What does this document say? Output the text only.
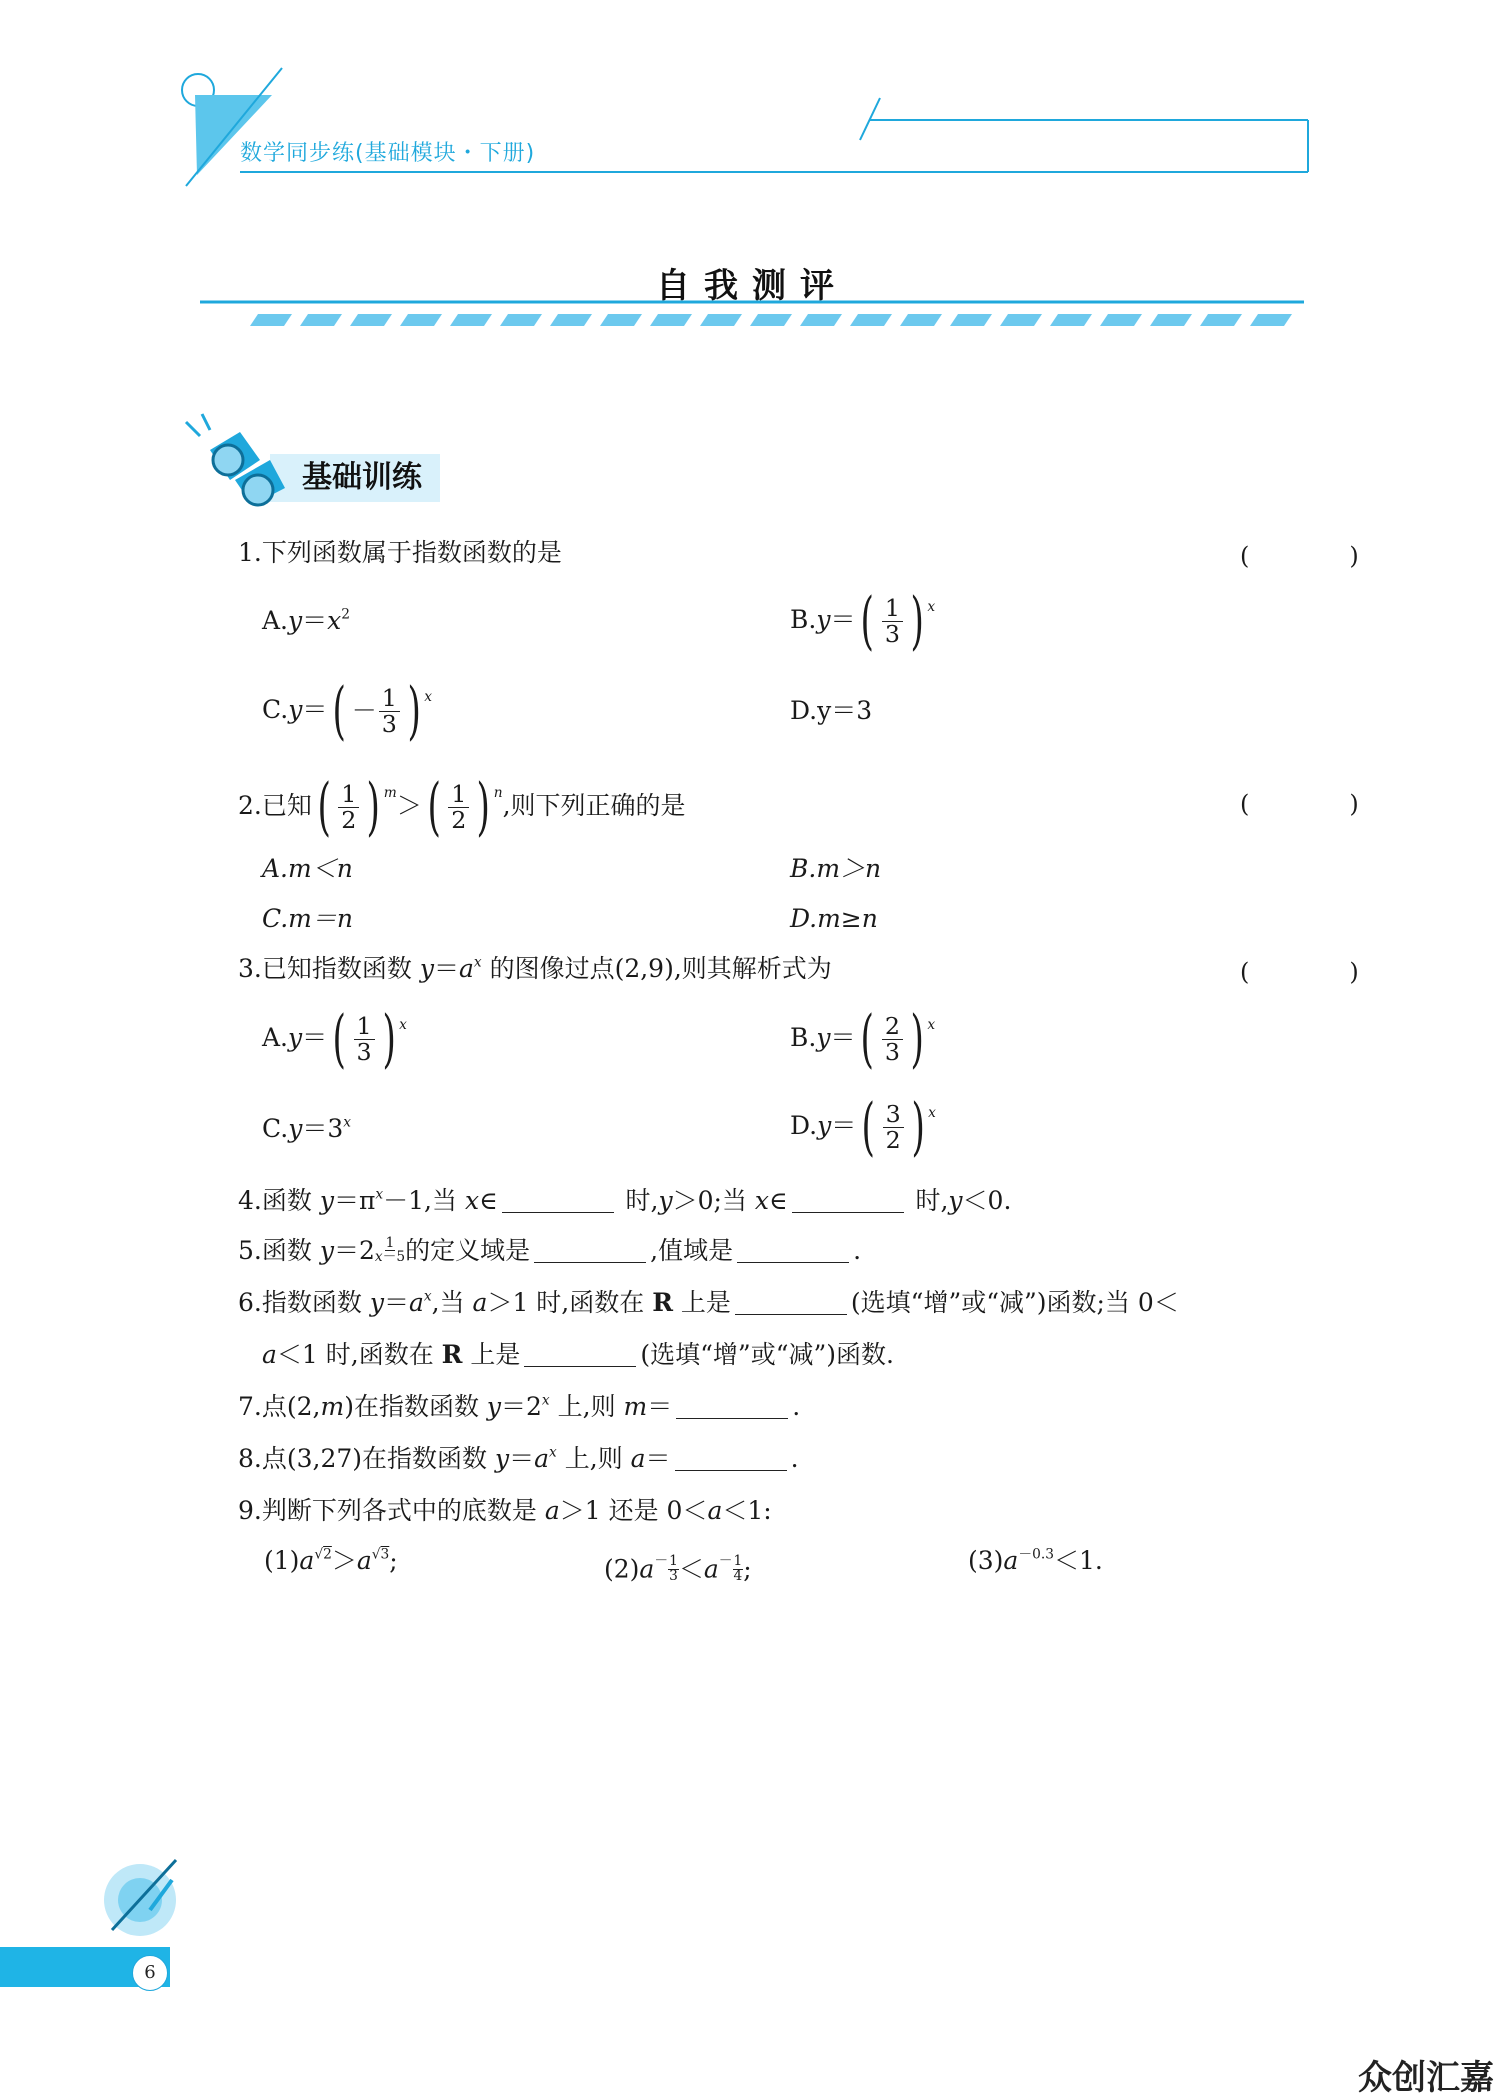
数学同步练(基础模块・下册)
自我测评
基础训练
1.下列函数属于指数函数的是	(　)
$A.y=x^2$	B.y＝ ( $\frac{1}{3}$ ) x
C.y＝ ( － $\frac{1}{3}$ ) x	D.y＝3
2.已知 ( $\frac{1}{2}$ ) m ＞ ( $\frac{1}{2}$ ) n ,则下列正确的是	(　)
A.m＜n	B.m＞n
C.m＝n	D.m≥n
3.已知指数函数 $y=a^x$ 的图像过点(2,9),则其解析式为	(　)
A.y＝ ( $\frac{1}{3}$ ) x	B.y＝ ( $\frac{2}{3}$ ) x
$C.y=3^x$	D.y＝ ( $\frac{3}{2}$ ) x
4.函数 $y=\pi^x-1$,当 x∈	时,y＞0;当 x∈	时,y＜0.
5.函数 $y=2 \frac{1}{x-5}$ 的定义域是	,值域是	.
6.指数函数 $y=a^x$,当 a＞1 时,函数在 R 上是	(选填“增”或“减”)函数;当 0＜
a＜1 时,函数在 R 上是	(选填“增”或“减”)函数.
7.点(2,m)在指数函数 $y=2^x$ 上,则 m＝	.
8.点(3,27)在指数函数 $y=a^x$ 上,则 a＝	.
9.判断下列各式中的底数是 a＞1 还是 0＜a＜1:
$(1)a^{√2}>a^{√3}$;	$(2)a^- \frac{1}{3} <a^- \frac{1}{4}$ ;	$(3)a^{-0.3}<1$.
6
众创汇嘉
